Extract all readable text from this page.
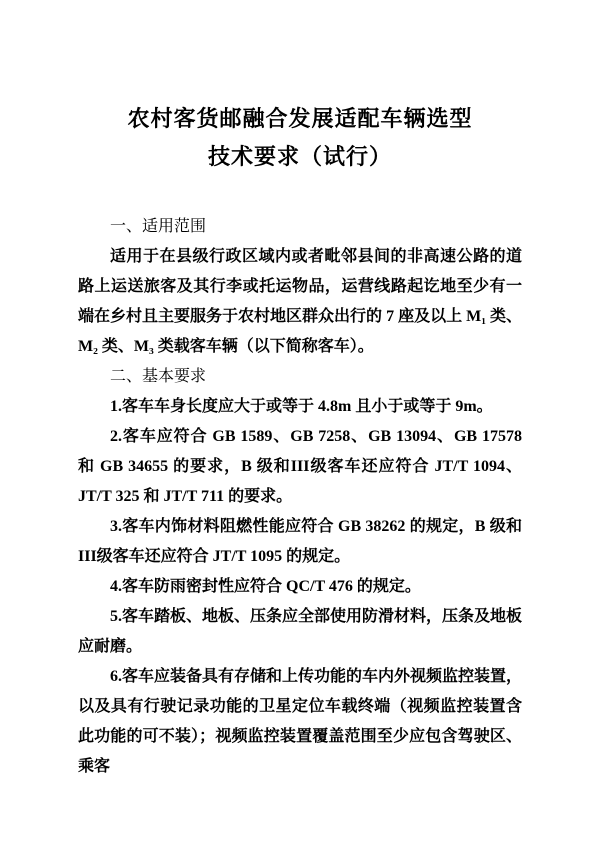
农村客货邮融合发展适配车辆选型
技术要求（试行）

一、适用范围

适用于在县级行政区域内或者毗邻县间的非高速公路的道路上运送旅客及其行李或托运物品，运营线路起讫地至少有一端在乡村且主要服务于农村地区群众出行的 7 座及以上 M₁ 类、M₂ 类、M₃ 类载客车辆（以下简称客车）。

二、基本要求

1.客车车身长度应大于或等于 4.8m 且小于或等于 9m。

2.客车应符合 GB 1589、GB 7258、GB 13094、GB 17578 和 GB 34655 的要求，B 级和III级客车还应符合 JT/T 1094、JT/T 325 和 JT/T 711 的要求。

3.客车内饰材料阻燃性能应符合 GB 38262 的规定，B 级和III级客车还应符合 JT/T 1095 的规定。

4.客车防雨密封性应符合 QC/T 476 的规定。

5.客车踏板、地板、压条应全部使用防滑材料，压条及地板应耐磨。

6.客车应装备具有存储和上传功能的车内外视频监控装置，以及具有行驶记录功能的卫星定位车载终端（视频监控装置含此功能的可不装）；视频监控装置覆盖范围至少应包含驾驶区、乘客
